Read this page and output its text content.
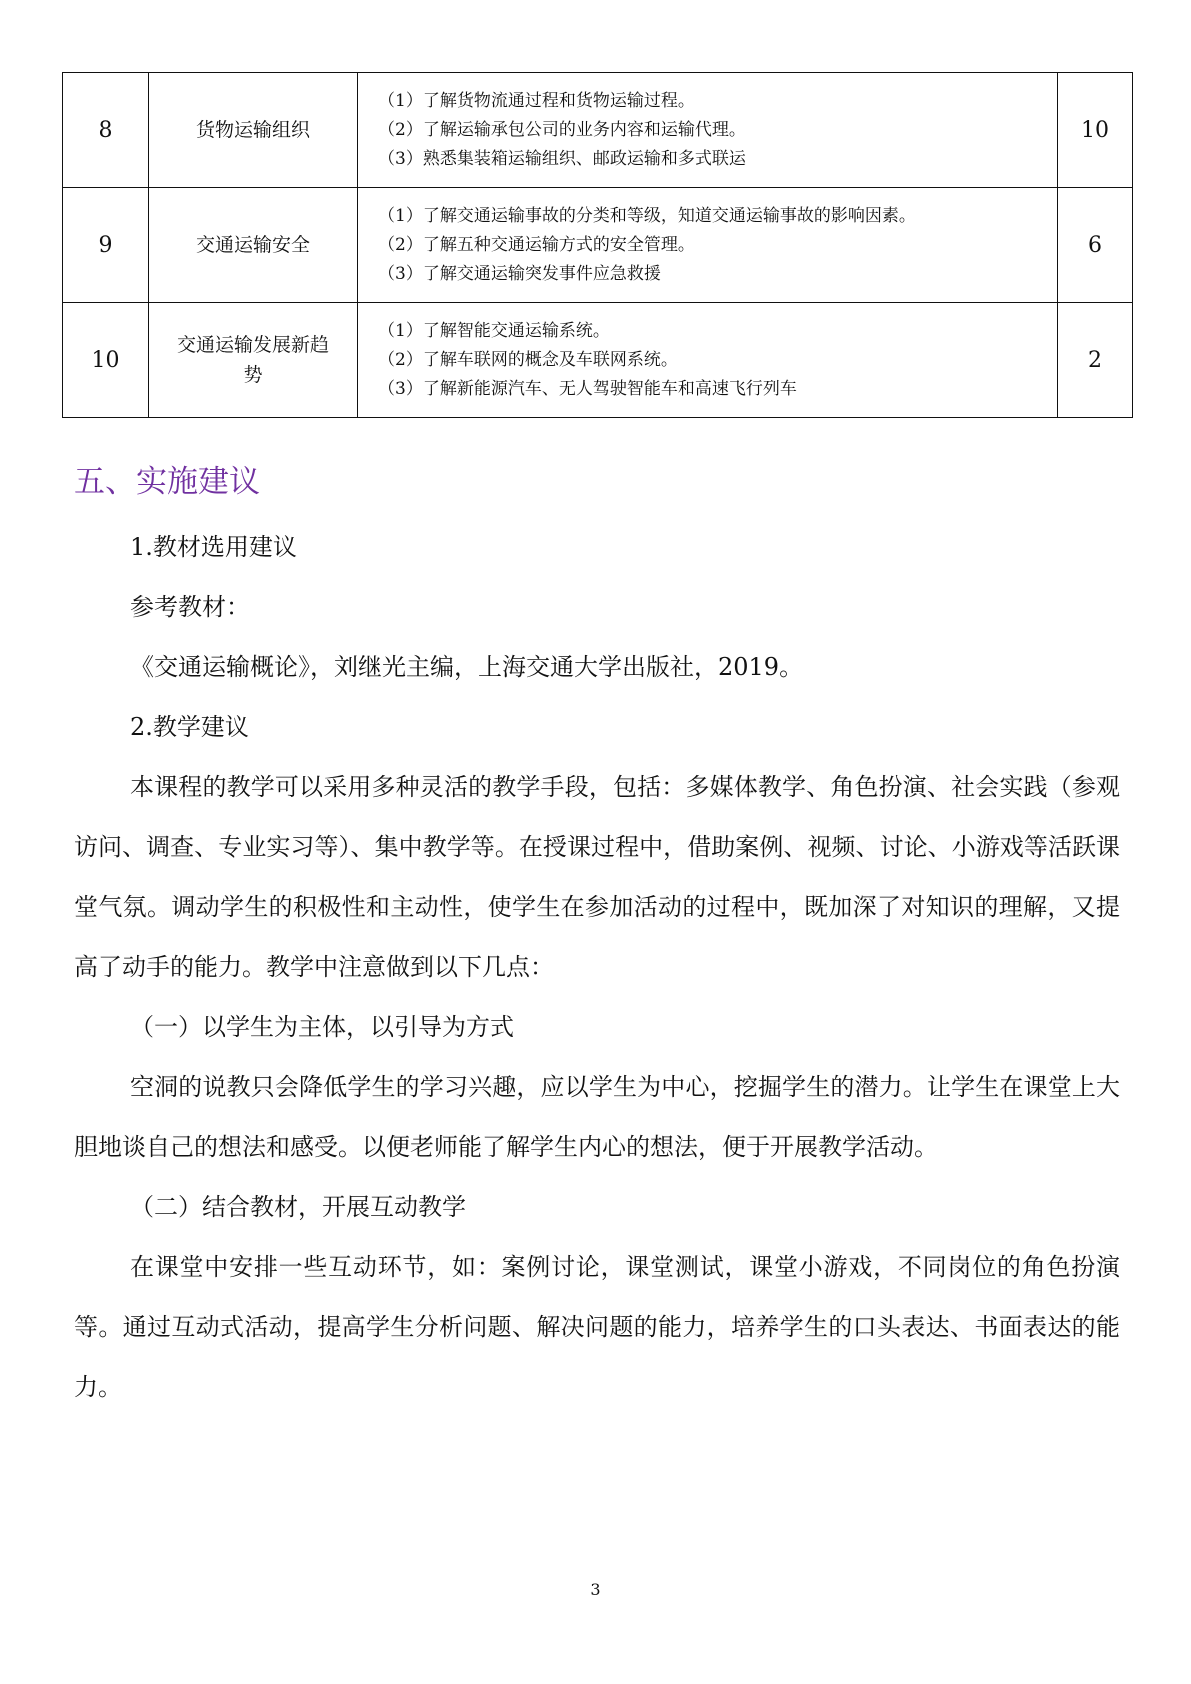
8	货物运输组织	（1）了解货物流通过程和货物运输过程。
（2）了解运输承包公司的业务内容和运输代理。
（3）熟悉集装箱运输组织、邮政运输和多式联运	10
9	交通运输安全	（1）了解交通运输事故的分类和等级，知道交通运输事故的影响因素。
（2）了解五种交通运输方式的安全管理。
（3）了解交通运输突发事件应急救援	6
10	交通运输发展新趋势	（1）了解智能交通运输系统。
（2）了解车联网的概念及车联网系统。
（3）了解新能源汽车、无人驾驶智能车和高速飞行列车	2
五、实施建议

1.教材选用建议

参考教材：

《交通运输概论》，刘继光主编，上海交通大学出版社，2019。

2.教学建议

本课程的教学可以采用多种灵活的教学手段，包括：多媒体教学、角色扮演、社会实践（参观访问、调查、专业实习等）、集中教学等。在授课过程中，借助案例、视频、讨论、小游戏等活跃课堂气氛。调动学生的积极性和主动性，使学生在参加活动的过程中，既加深了对知识的理解，又提高了动手的能力。教学中注意做到以下几点：

（一）以学生为主体，以引导为方式

空洞的说教只会降低学生的学习兴趣，应以学生为中心，挖掘学生的潜力。让学生在课堂上大胆地谈自己的想法和感受。以便老师能了解学生内心的想法，便于开展教学活动。

（二）结合教材，开展互动教学

在课堂中安排一些互动环节，如：案例讨论，课堂测试，课堂小游戏，不同岗位的角色扮演等。通过互动式活动，提高学生分析问题、解决问题的能力，培养学生的口头表达、书面表达的能力。

3
